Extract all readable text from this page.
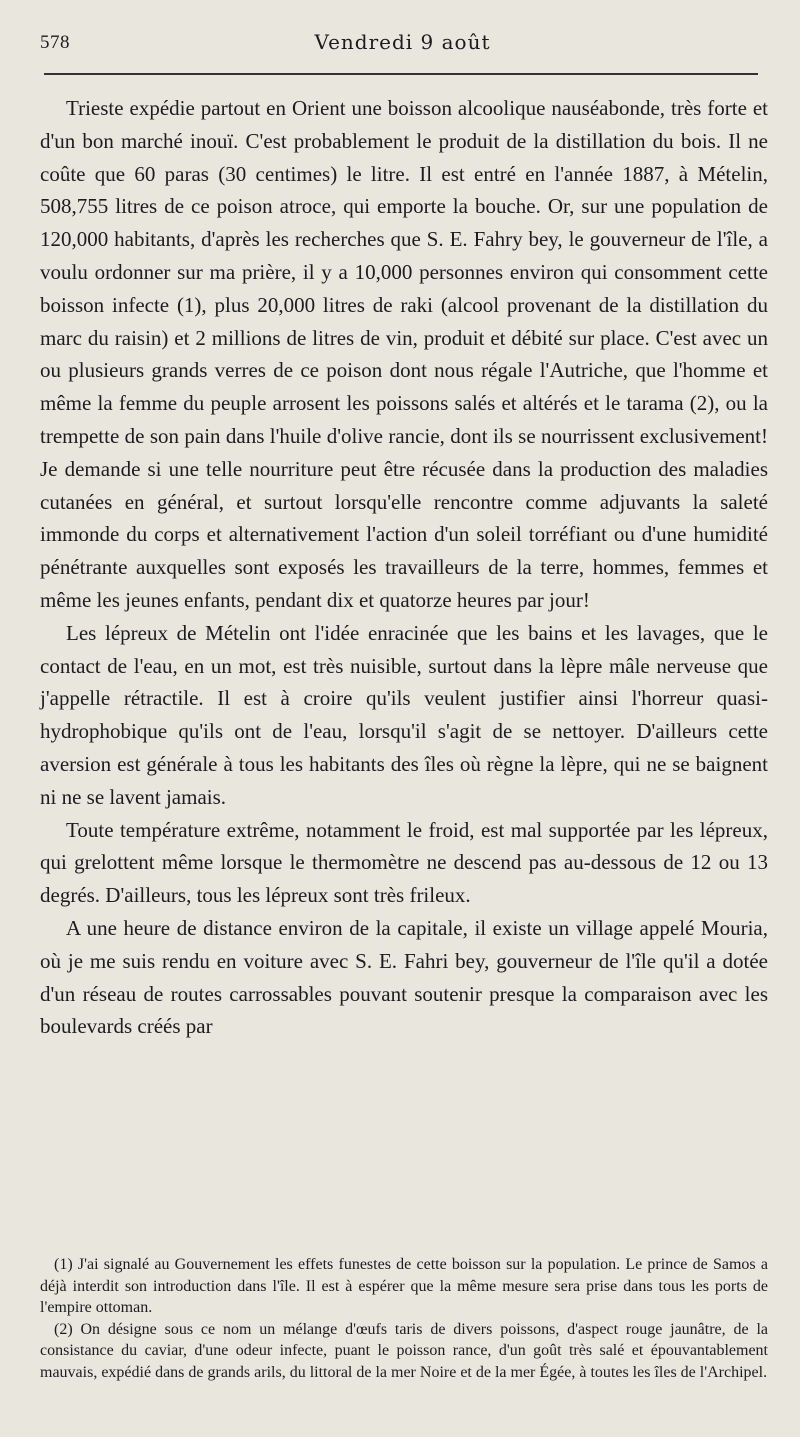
578	Vendredi 9 août

Trieste expédie partout en Orient une boisson alcoolique nauséabonde, très forte et d'un bon marché inouï. C'est probablement le produit de la distillation du bois. Il ne coûte que 60 paras (30 centimes) le litre. Il est entré en l'année 1887, à Mételin, 508,755 litres de ce poison atroce, qui emporte la bouche. Or, sur une population de 120,000 habitants, d'après les recherches que S. E. Fahry bey, le gouverneur de l'île, a voulu ordonner sur ma prière, il y a 10,000 personnes environ qui consomment cette boisson infecte (1), plus 20,000 litres de raki (alcool provenant de la distillation du marc du raisin) et 2 millions de litres de vin, produit et débité sur place. C'est avec un ou plusieurs grands verres de ce poison dont nous régale l'Autriche, que l'homme et même la femme du peuple arrosent les poissons salés et altérés et le tarama (2), ou la trempette de son pain dans l'huile d'olive rancie, dont ils se nourrissent exclusivement! Je demande si une telle nourriture peut être récusée dans la production des maladies cutanées en général, et surtout lorsqu'elle rencontre comme adjuvants la saleté immonde du corps et alternativement l'action d'un soleil torréfiant ou d'une humidité pénétrante auxquelles sont exposés les travailleurs de la terre, hommes, femmes et même les jeunes enfants, pendant dix et quatorze heures par jour!

Les lépreux de Mételin ont l'idée enracinée que les bains et les lavages, que le contact de l'eau, en un mot, est très nuisible, surtout dans la lèpre mâle nerveuse que j'appelle rétractile. Il est à croire qu'ils veulent justifier ainsi l'horreur quasi-hydrophobique qu'ils ont de l'eau, lorsqu'il s'agit de se nettoyer. D'ailleurs cette aversion est générale à tous les habitants des îles où règne la lèpre, qui ne se baignent ni ne se lavent jamais.

Toute température extrême, notamment le froid, est mal supportée par les lépreux, qui grelottent même lorsque le thermomètre ne descend pas au-dessous de 12 ou 13 degrés. D'ailleurs, tous les lépreux sont très frileux.

A une heure de distance environ de la capitale, il existe un village appelé Mouria, où je me suis rendu en voiture avec S. E. Fahri bey, gouverneur de l'île qu'il a dotée d'un réseau de routes carrossables pouvant soutenir presque la comparaison avec les boulevards créés par

(1) J'ai signalé au Gouvernement les effets funestes de cette boisson sur la population. Le prince de Samos a déjà interdit son introduction dans l'île. Il est à espérer que la même mesure sera prise dans tous les ports de l'empire ottoman.

(2) On désigne sous ce nom un mélange d'œufs taris de divers poissons, d'aspect rouge jaunâtre, de la consistance du caviar, d'une odeur infecte, puant le poisson rance, d'un goût très salé et épouvantablement mauvais, expédié dans de grands arils, du littoral de la mer Noire et de la mer Égée, à toutes les îles de l'Archipel.
